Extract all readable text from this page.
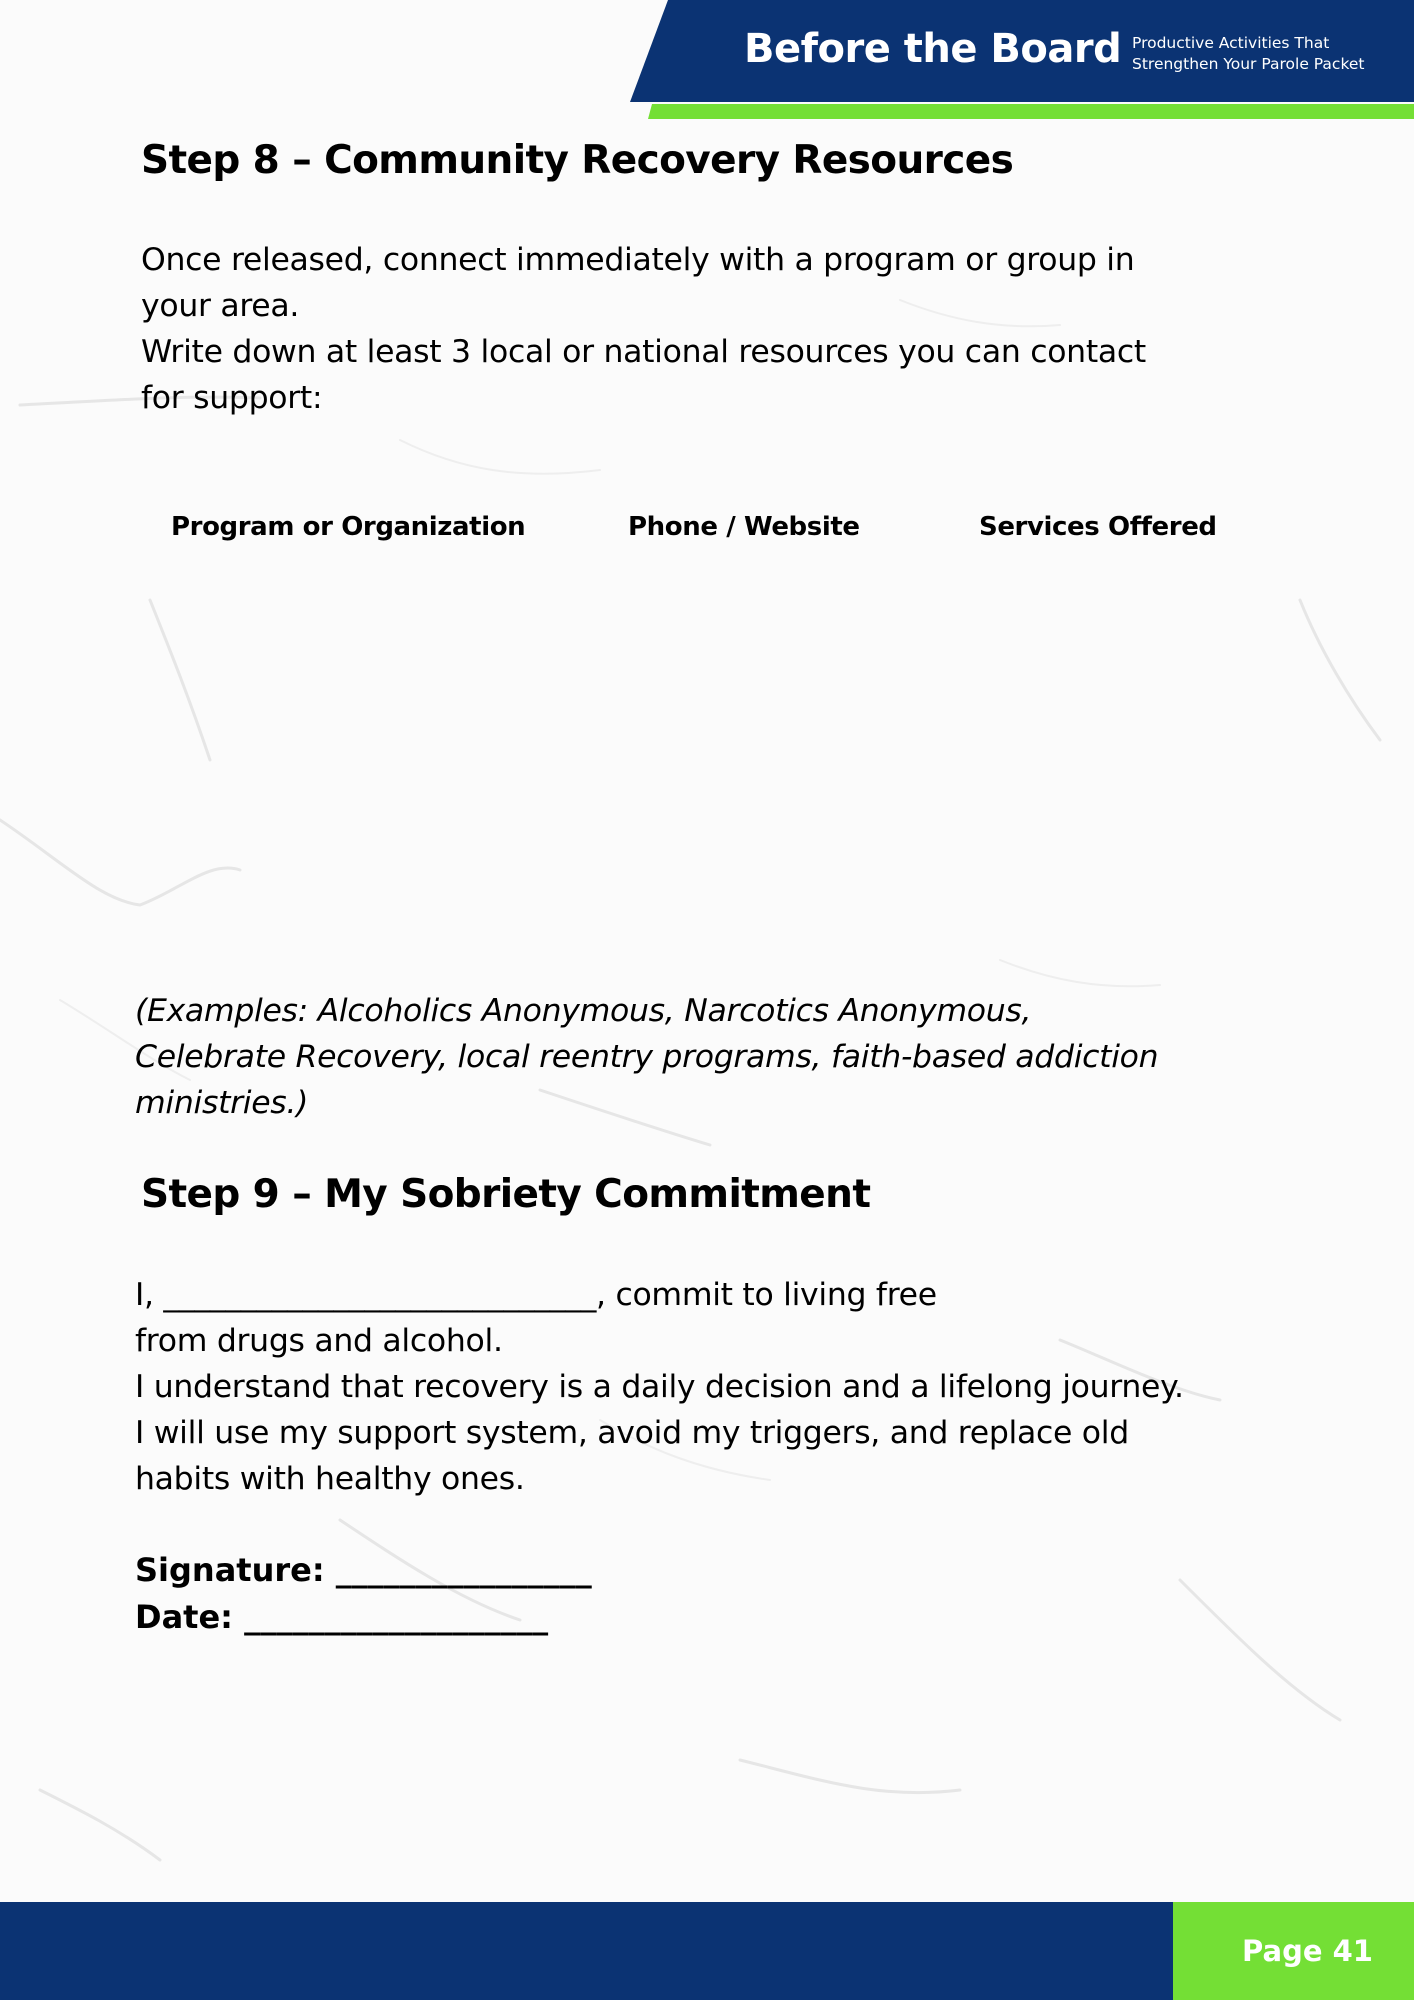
Before the Board Productive Activities That
Strengthen Your Parole Packet
Step 8 – Community Recovery Resources

Once released, connect immediately with a program or group in
your area.
Write down at least 3 local or national resources you can contact
for support:

Program or Organization	Phone / Website	Services Offered

(Examples: Alcoholics Anonymous, Narcotics Anonymous,
Celebrate Recovery, local reentry programs, faith-based addiction
ministries.)

Step 9 – My Sobriety Commitment

I, ____________________________, commit to living free
from drugs and alcohol.
I understand that recovery is a daily decision and a lifelong journey.
I will use my support system, avoid my triggers, and replace old
habits with healthy ones.

Signature: ________________
Date: ___________________
Page 41
